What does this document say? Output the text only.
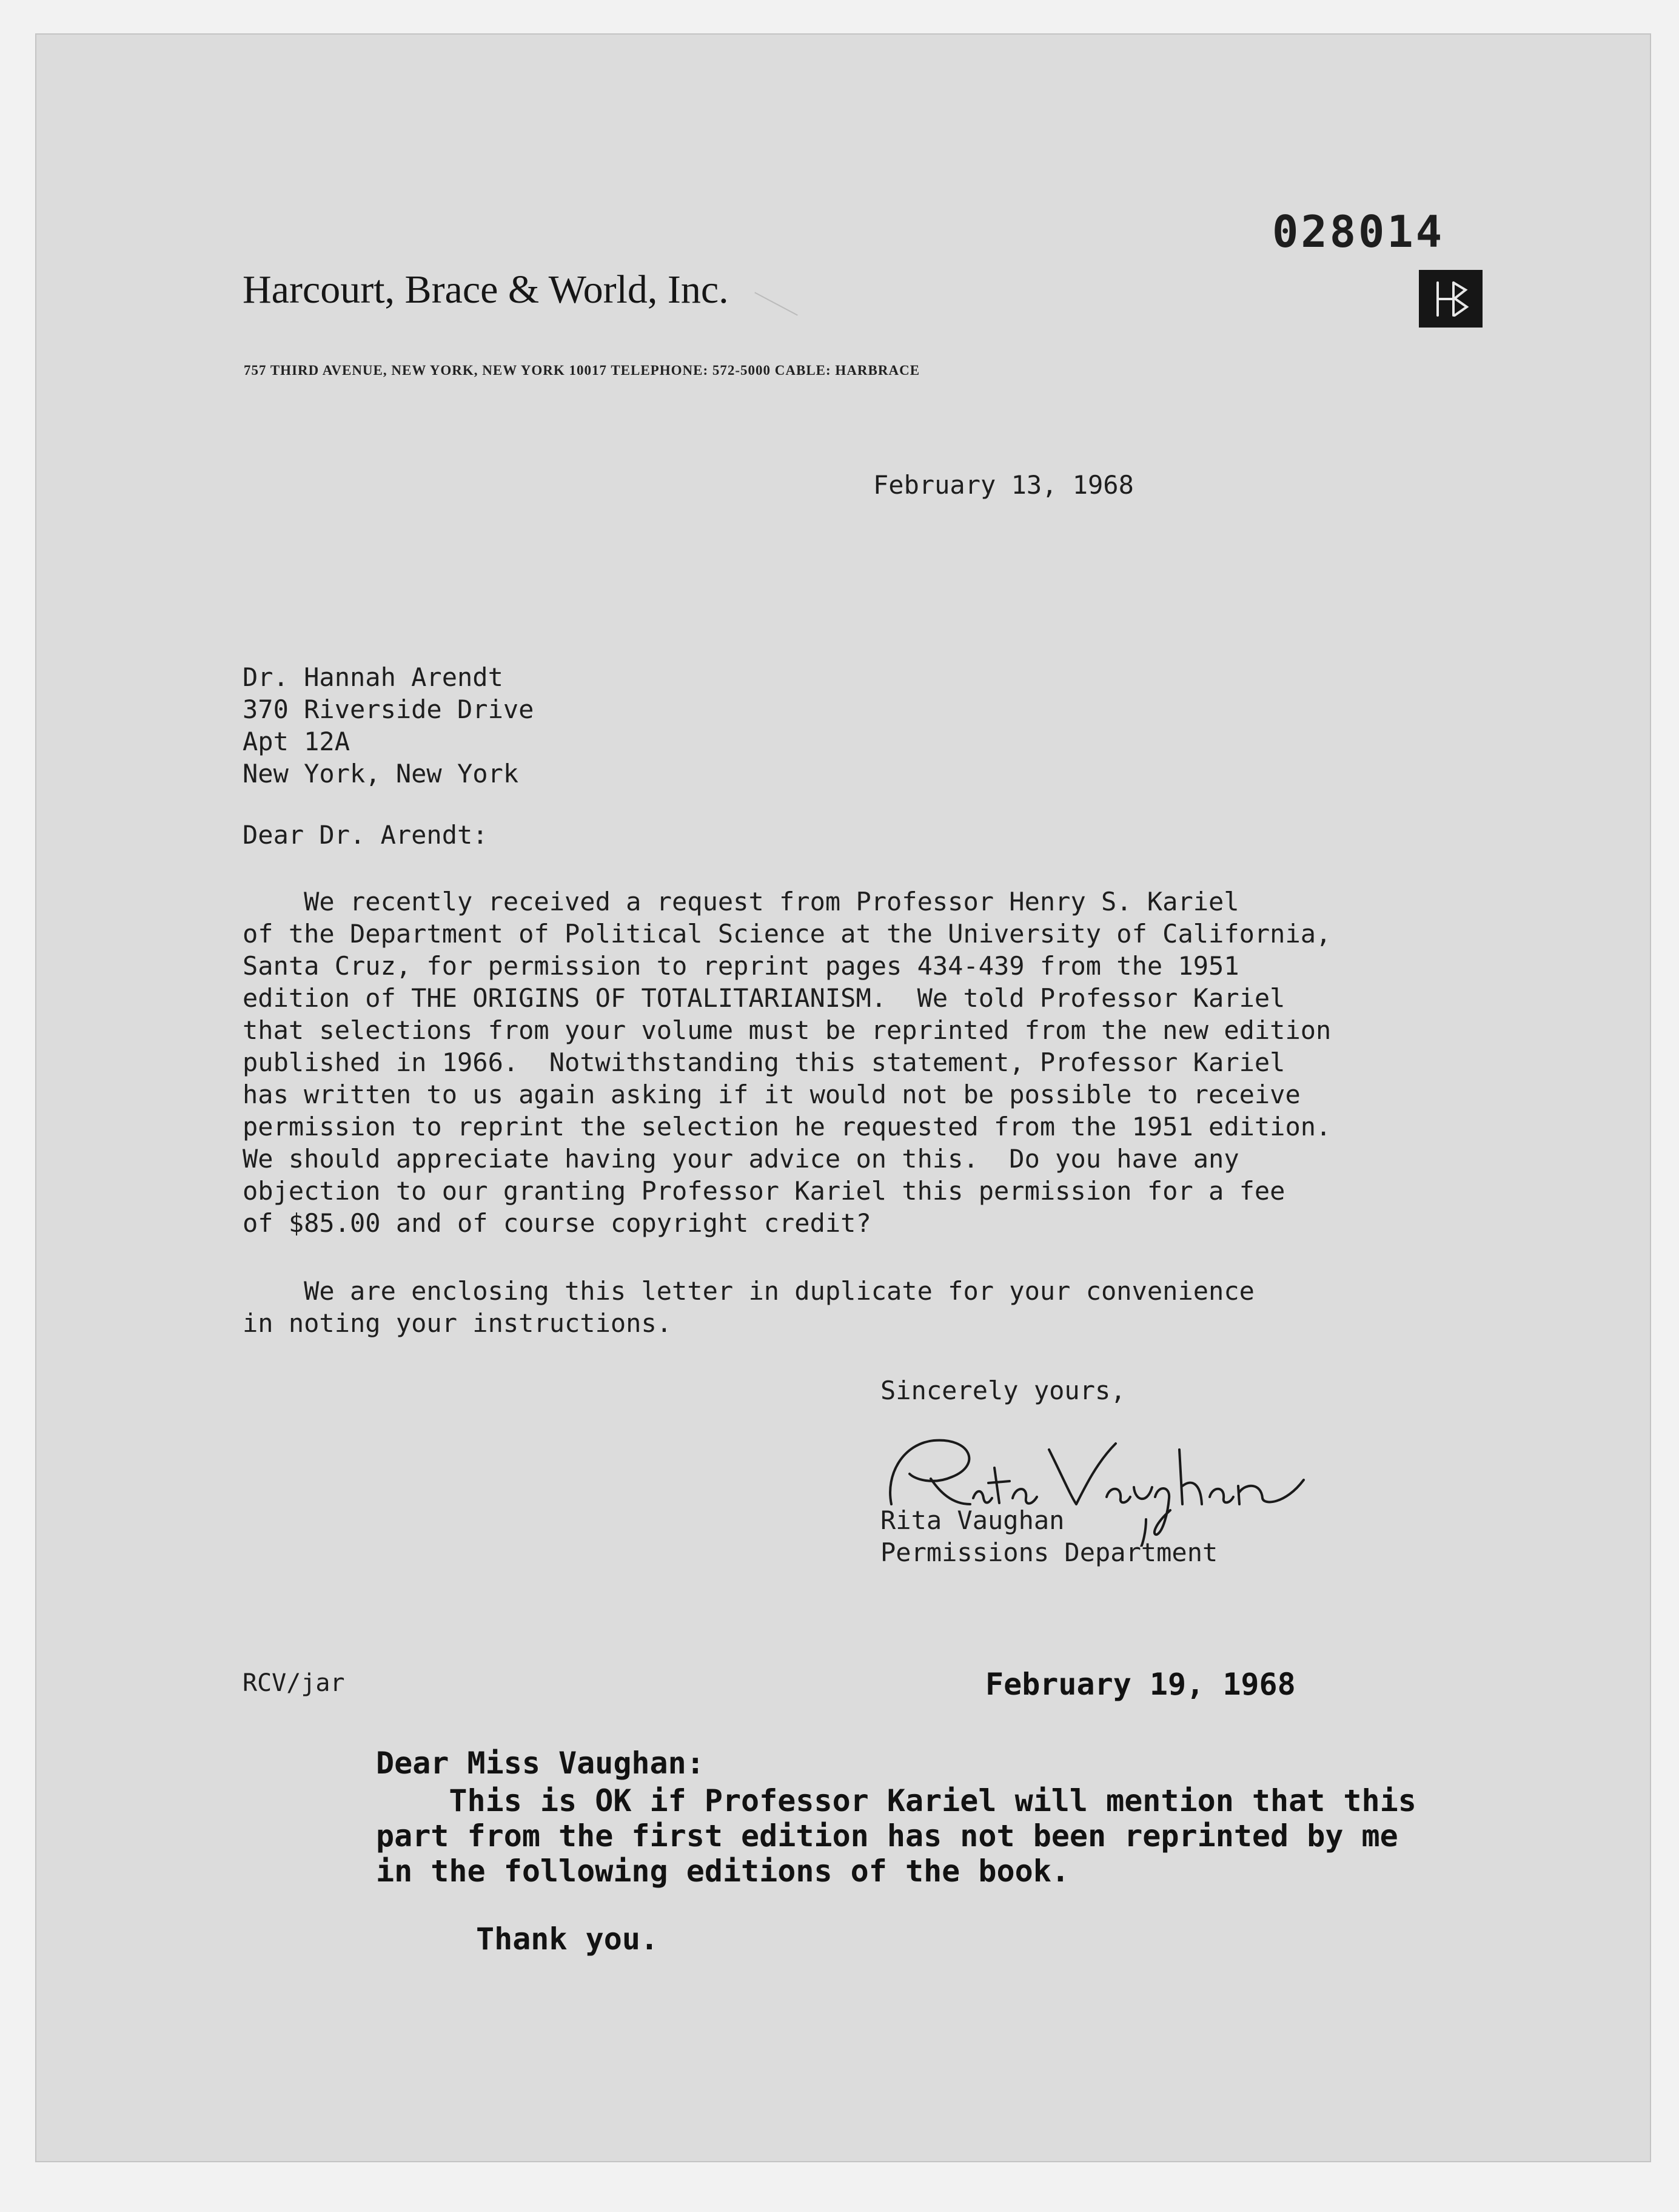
028014
Harcourt, Brace & World, Inc.
757 THIRD AVENUE, NEW YORK, NEW YORK 10017 TELEPHONE: 572-5000 CABLE: HARBRACE
February 13, 1968
Dr. Hannah Arendt
370 Riverside Drive
Apt 12A
New York, New York
Dear Dr. Arendt:
We recently received a request from Professor Henry S. Kariel
of the Department of Political Science at the University of California,
Santa Cruz, for permission to reprint pages 434-439 from the 1951
edition of THE ORIGINS OF TOTALITARIANISM.  We told Professor Kariel
that selections from your volume must be reprinted from the new edition
published in 1966.  Notwithstanding this statement, Professor Kariel
has written to us again asking if it would not be possible to receive
permission to reprint the selection he requested from the 1951 edition.
We should appreciate having your advice on this.  Do you have any
objection to our granting Professor Kariel this permission for a fee
of $85.00 and of course copyright credit?
We are enclosing this letter in duplicate for your convenience
in noting your instructions.
Sincerely yours,
Rita Vaughan
Rita Vaughan
Permissions Department
RCV/jar	February 19, 1968
Dear Miss Vaughan:
This is OK if Professor Kariel will mention that this
part from the first edition has not been reprinted by me
in the following editions of the book.
Thank you.
